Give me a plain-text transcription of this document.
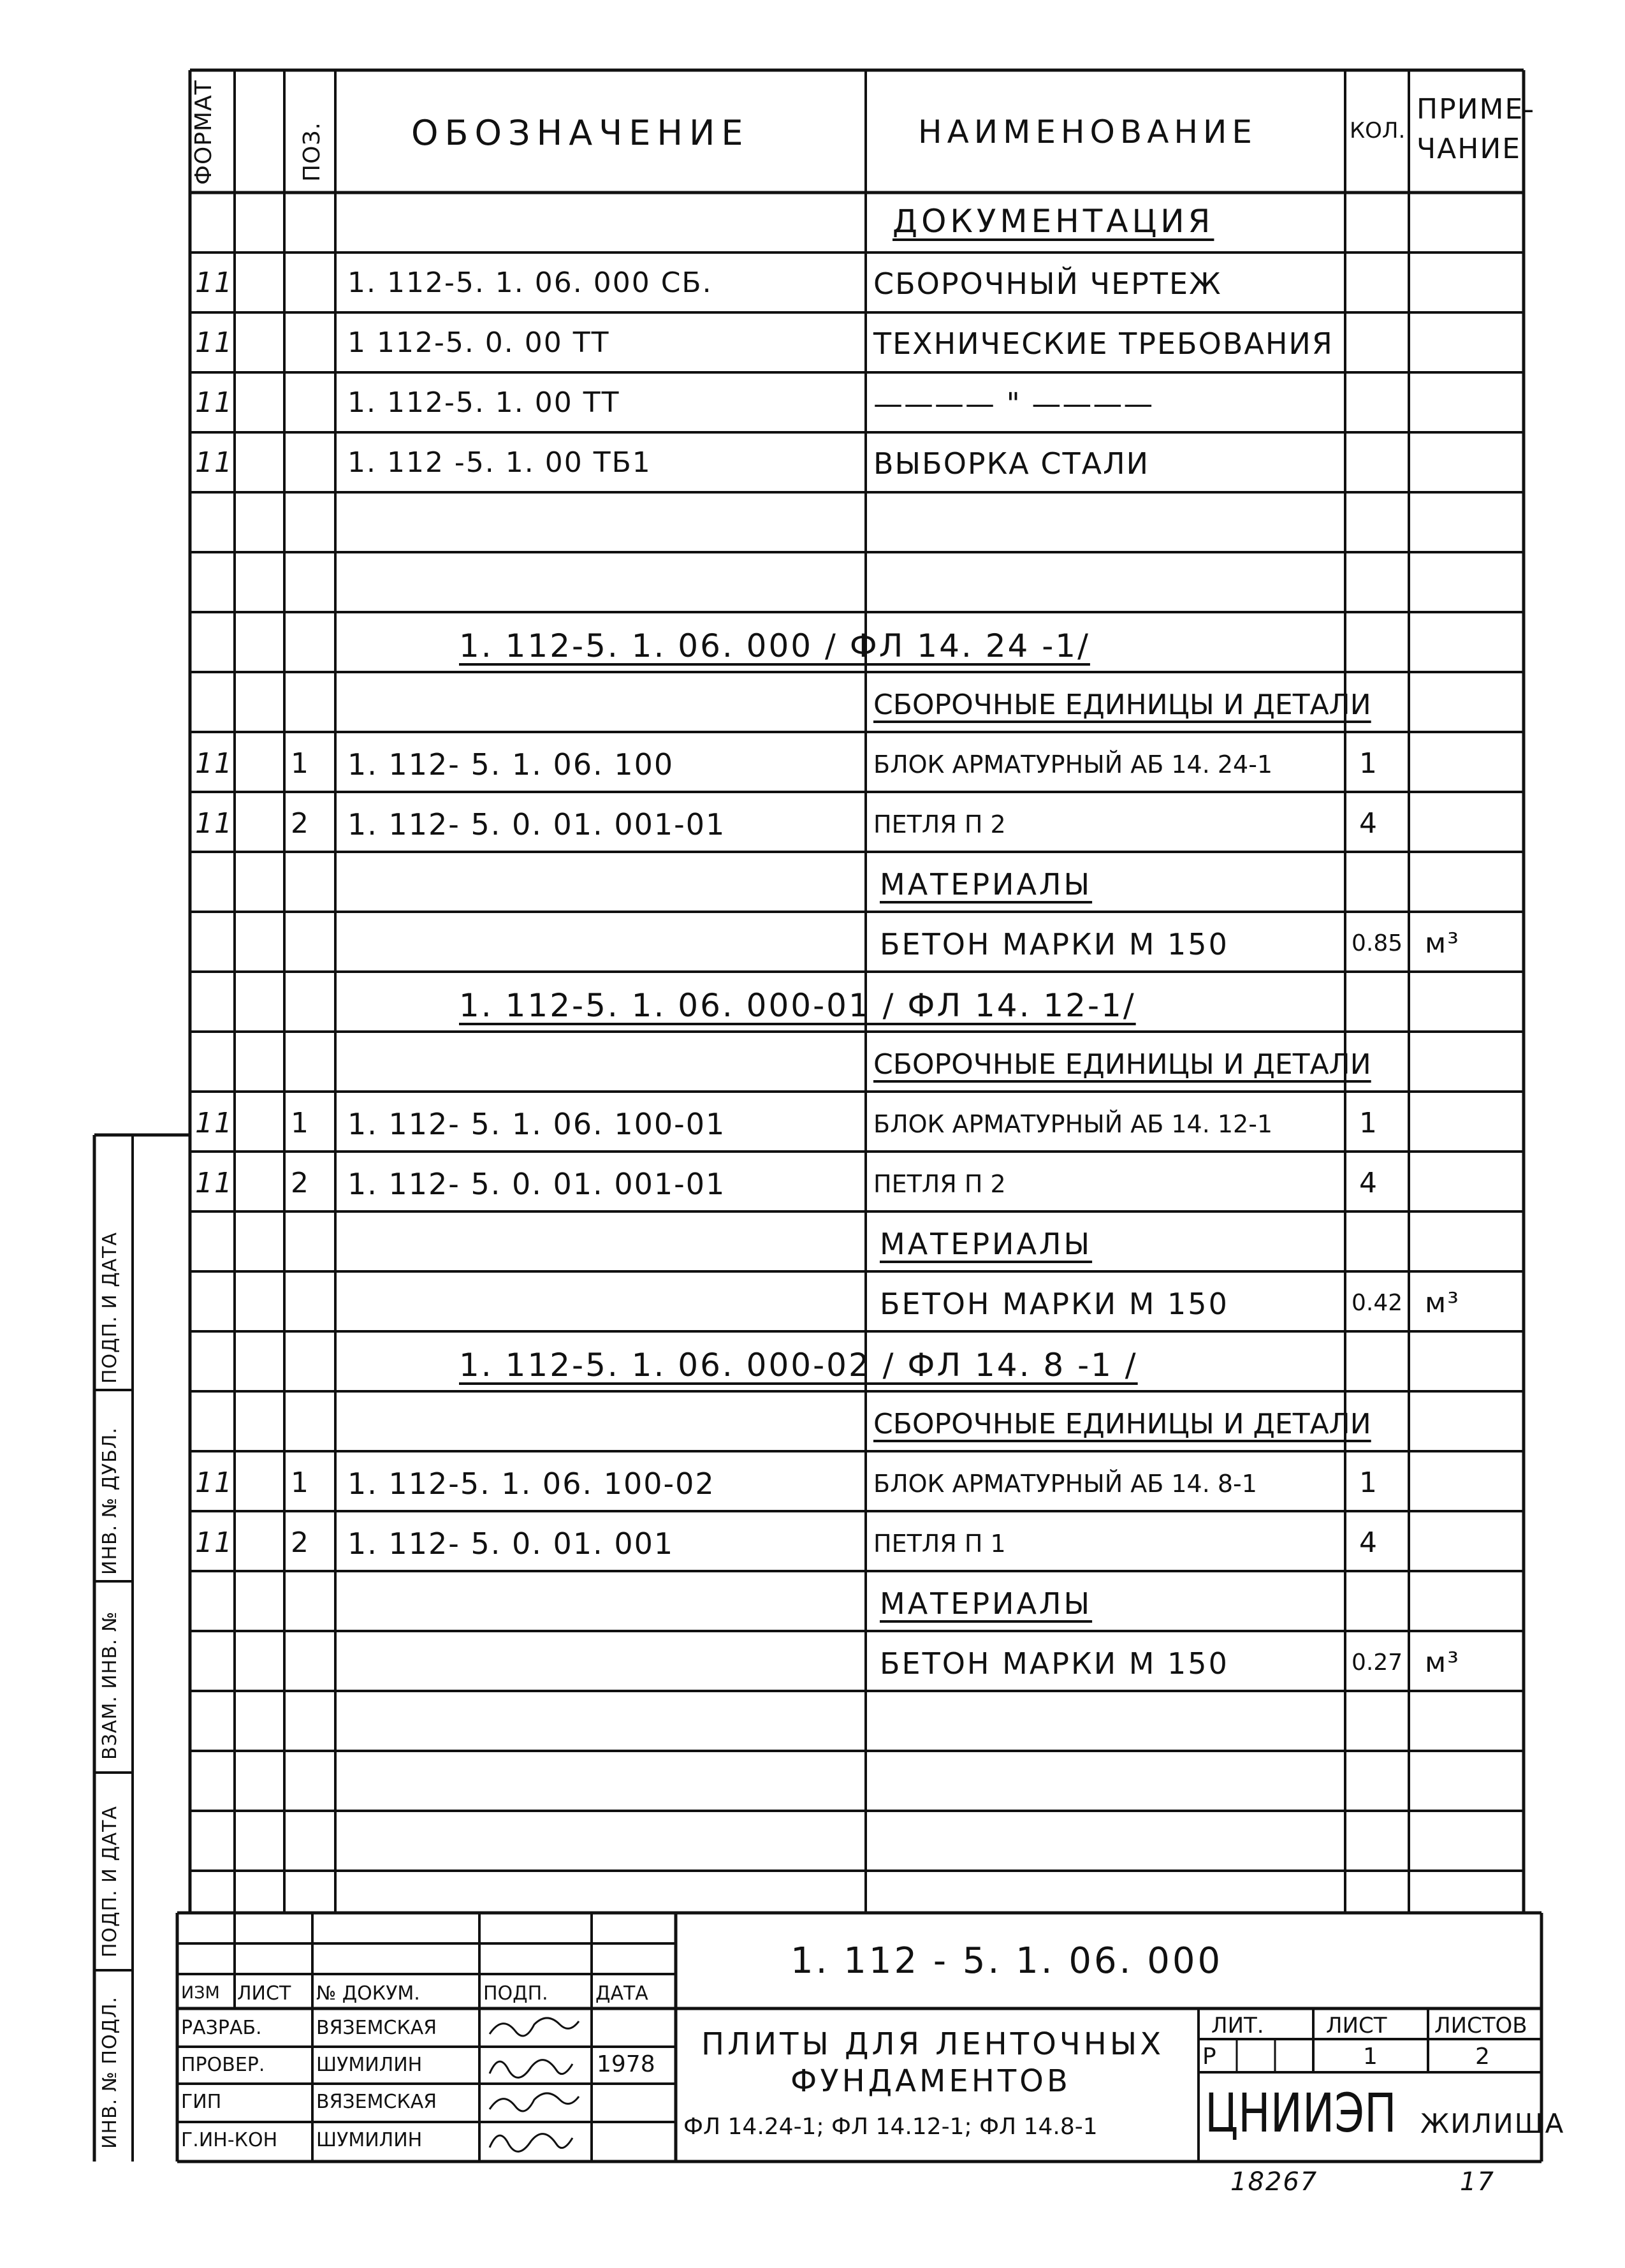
ФОРМАТ	ПОЗ.	ОБОЗНАЧЕНИЕ	НАИМЕНОВАНИЕ	КОЛ.
ПРИМЕ-
ЧАНИЕ
ДОКУМЕНТАЦИЯ
11	1. 112-5. 1. 06. 000 СБ.	СБОРОЧНЫЙ ЧЕРТЕЖ
11	1 112-5. 0. 00 ТТ	ТЕХНИЧЕСКИЕ ТРЕБОВАНИЯ
11	1. 112-5. 1. 00 ТТ	———— " ————
11	1. 112 -5. 1. 00 ТБ1	ВЫБОРКА СТАЛИ
1. 112-5. 1. 06. 000 / ФЛ 14. 24 -1/
СБОРОЧНЫЕ ЕДИНИЦЫ И ДЕТАЛИ
11 1 1. 112- 5. 1. 06. 100	БЛОК АРМАТУРНЫЙ АБ 14. 24-1	1
11 2 1. 112- 5. 0. 01. 001-01	ПЕТЛЯ П 2	4
МАТЕРИАЛЫ
БЕТОН МАРКИ М 150	0.85 м³
1. 112-5. 1. 06. 000-01 / ФЛ 14. 12-1/
СБОРОЧНЫЕ ЕДИНИЦЫ И ДЕТАЛИ
11 1 1. 112- 5. 1. 06. 100-01	БЛОК АРМАТУРНЫЙ АБ 14. 12-1	1
11 2 1. 112- 5. 0. 01. 001-01	ПЕТЛЯ П 2	4
МАТЕРИАЛЫ
БЕТОН МАРКИ М 150	0.42 м³
1. 112-5. 1. 06. 000-02 / ФЛ 14. 8 -1 /
СБОРОЧНЫЕ ЕДИНИЦЫ И ДЕТАЛИ
11 1 1. 112-5. 1. 06. 100-02	БЛОК АРМАТУРНЫЙ АБ 14. 8-1	1
11 2 1. 112- 5. 0. 01. 001	ПЕТЛЯ П 1	4
МАТЕРИАЛЫ
БЕТОН МАРКИ М 150	0.27 м³
ИНВ. № ПОДЛ.
ПОДП. И ДАТА
ВЗАМ. ИНВ. №
ИНВ. № ДУБЛ.
ПОДП. И ДАТА
1. 112 - 5. 1. 06. 000
ИЗМ ЛИСТ № ДОКУМ.	ПОДП. ДАТА
РАЗРАБ.	ВЯЗЕМСКАЯ
ПРОВЕР.	ШУМИЛИН	1978
ГИП	ВЯЗЕМСКАЯ
Г.ИН-КОН ШУМИЛИН
ПЛИТЫ ДЛЯ ЛЕНТОЧНЫХ
ФУНДАМЕНТОВ
ФЛ 14.24-1; ФЛ 14.12-1; ФЛ 14.8-1
ЛИТ.	ЛИСТ ЛИСТОВ
Р	1	2
ЦНИИЭП ЖИЛИЩА
18267	17
